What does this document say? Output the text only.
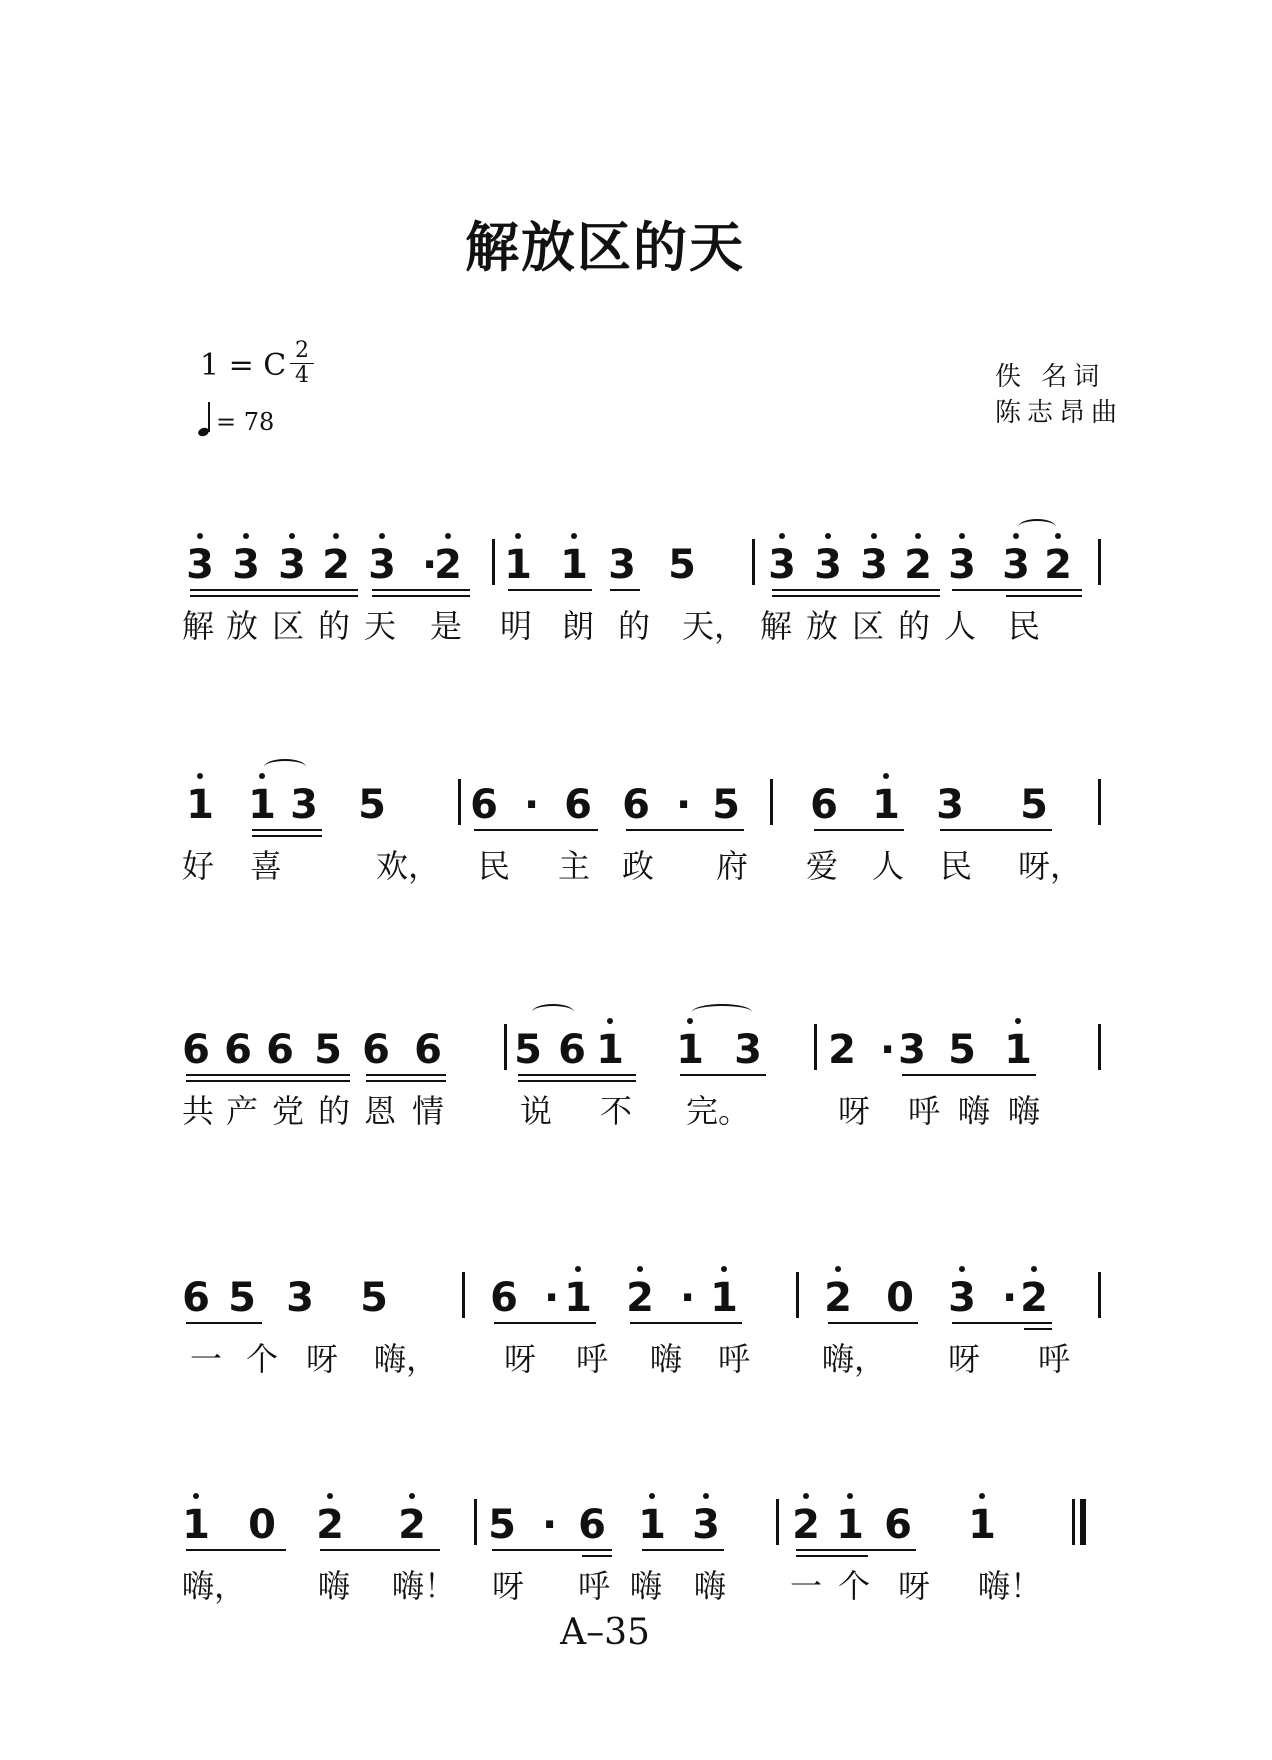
解放区的天
1 = C 2
4
= 78
佚 名词
陈志昂曲
3 3 3 2 3 ·
2 1 1 3 5 3 3 3 2 3 3 2
解 放 区 的 天 是 明 朗 的 天， 解 放 区 的 人 民
1 1 3 5 6 · 6 6 · 5 6 1 3 5
好 喜	欢， 民 主 政 府 爱 人 民 呀，
6 6 6 5 6 6 5 6 1 1 3 2 · 3 5 1
共 产 党 的 恩 情 说 不 完。	呀 呼 嗨 嗨
6 5 3 5	6 · 1 2 · 1 2 0 3 · 2
一 个 呀 嗨， 呀 呼 嗨 呼 嗨， 呀 呼
1 0 2 2 5 · 6 1 3 2 1 6 1
嗨， 嗨 嗨！ 呀 呼 嗨 嗨 一 个 呀 嗨！
A–35
